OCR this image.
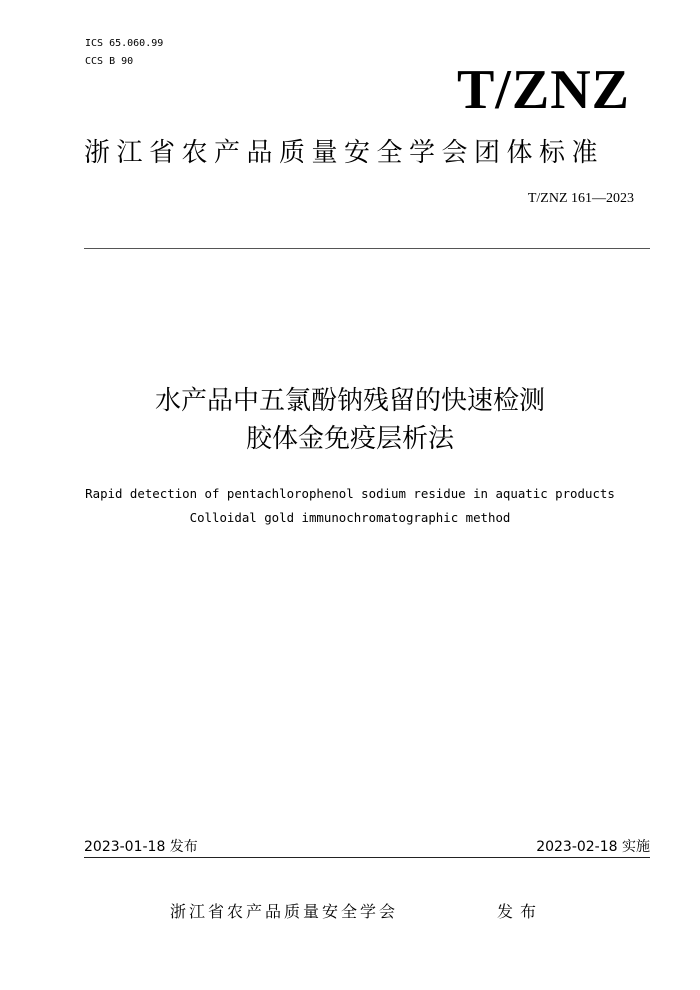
ICS 65.060.99
CCS B 90	T/ZNZ
浙江省农产品质量安全学会团体标准
T/ZNZ 161—2023
水产品中五氯酚钠残留的快速检测
胶体金免疫层析法
Rapid detection of pentachlorophenol sodium residue in aquatic products
Colloidal gold immunochromatographic method
2023-01-18 发布	2023-02-18 实施
浙江省农产品质量安全学会	发布
